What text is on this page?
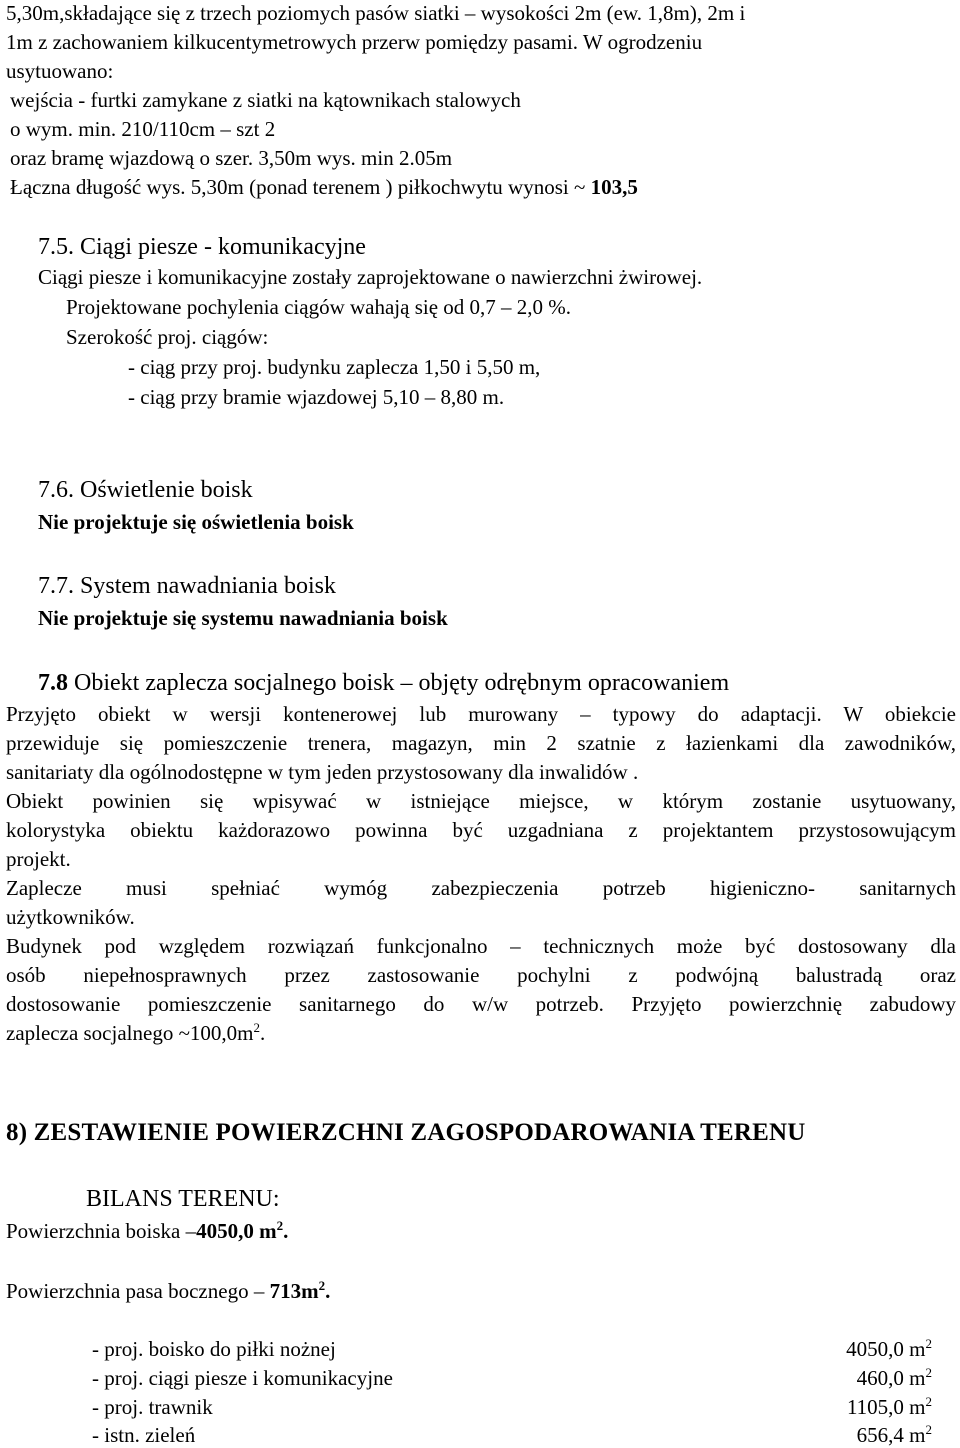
5,30m,składające się z trzech poziomych pasów siatki – wysokości 2m (ew. 1,8m), 2m i
1m z zachowaniem kilkucentymetrowych przerw pomiędzy pasami. W ogrodzeniu
usytuowano:
wejścia - furtki zamykane z siatki na kątownikach stalowych
o wym. min. 210/110cm – szt 2
oraz bramę wjazdową o szer. 3,50m wys. min 2.05m
Łączna długość wys. 5,30m (ponad terenem ) piłkochwytu wynosi ~ 103,5
7.5. Ciągi piesze - komunikacyjne
Ciągi piesze i komunikacyjne zostały zaprojektowane o nawierzchni żwirowej.
Projektowane pochylenia ciągów wahają się od 0,7 – 2,0 %.
Szerokość proj. ciągów:
- ciąg przy proj. budynku zaplecza 1,50 i 5,50 m,
- ciąg przy bramie wjazdowej 5,10 – 8,80 m.
7.6. Oświetlenie boisk
Nie projektuje się oświetlenia boisk
7.7. System nawadniania boisk
Nie projektuje się systemu nawadniania boisk
7.8 Obiekt zaplecza socjalnego boisk – objęty odrębnym opracowaniem
Przyjęto obiekt w wersji kontenerowej lub murowany – typowy do adaptacji. W obiekcie
przewiduje się pomieszczenie trenera, magazyn, min 2 szatnie z łazienkami dla zawodników,
sanitariaty dla ogólnodostępne w tym jeden przystosowany dla inwalidów .
Obiekt powinien się wpisywać w istniejące miejsce, w którym zostanie usytuowany,
kolorystyka obiektu każdorazowo powinna być uzgadniana z projektantem przystosowującym
projekt.
Zaplecze musi spełniać wymóg zabezpieczenia potrzeb higieniczno- sanitarnych
użytkowników.
Budynek pod względem rozwiązań funkcjonalno – technicznych może być dostosowany dla
osób niepełnosprawnych przez zastosowanie pochylni z podwójną balustradą oraz
dostosowanie pomieszczenie sanitarnego do w/w potrzeb. Przyjęto powierzchnię zabudowy
zaplecza socjalnego $\sim 100,0m^2$.
8) ZESTAWIENIE POWIERZCHNI ZAGOSPODAROWANIA TERENU
BILANS TERENU:
Powierzchnia boiska –4050,0 $m^2$.
Powierzchnia pasa bocznego – $713m^2$.
- proj. boisko do piłki nożnej	4050,0 $m^2$
- proj. ciągi piesze i komunikacyjne	460,0 $m^2$
- proj. trawnik	1105,0 $m^2$
- istn. zieleń	656,4 $m^2$
